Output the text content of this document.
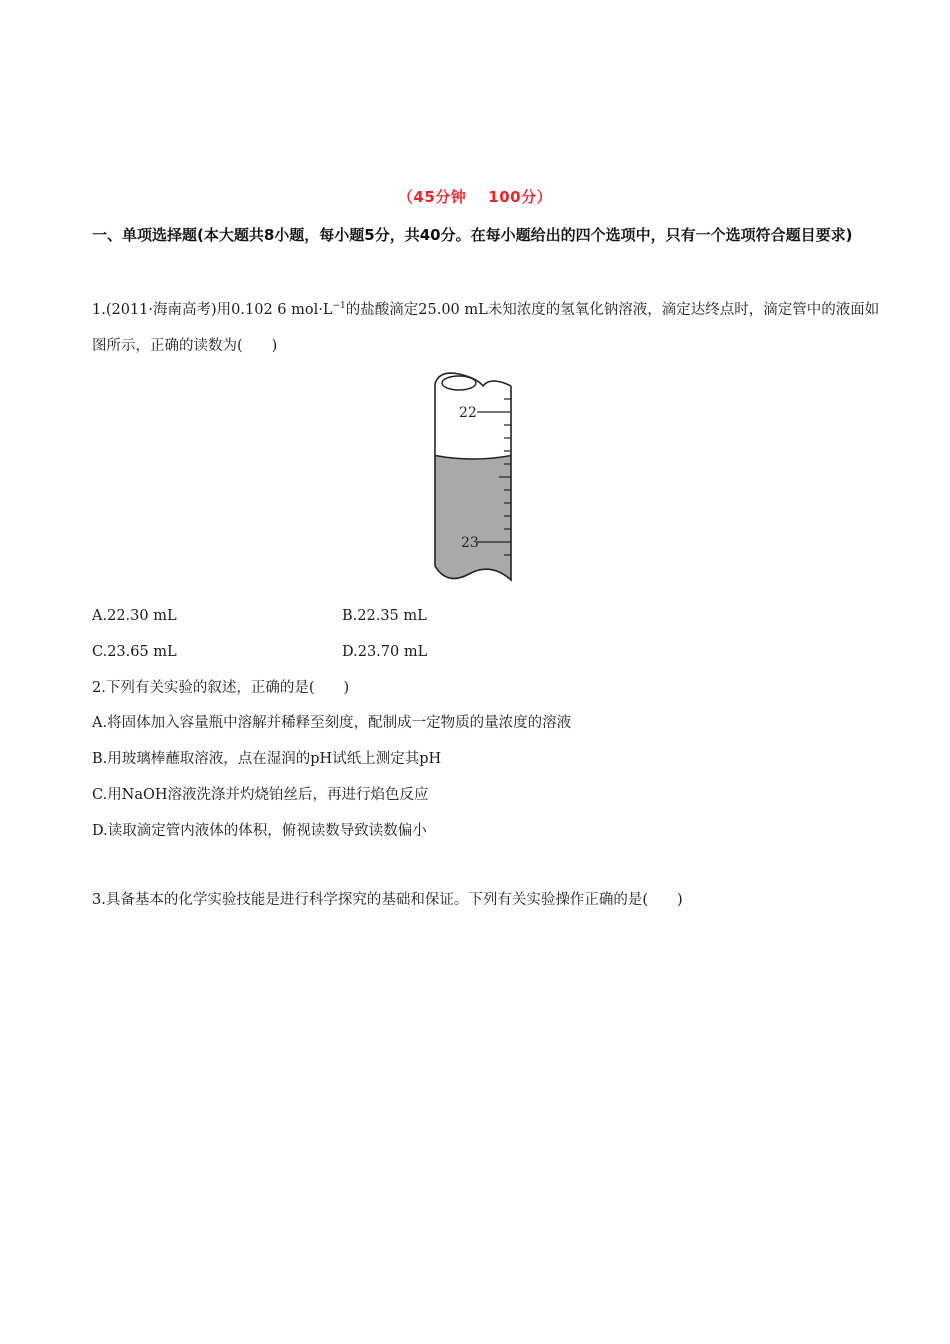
（45分钟 100分）
一、单项选择题(本大题共8小题，每小题5分，共40分。在每小题给出的四个选项中，只有一个选项符合题目要求)
1.(2011·海南高考)用0.102 6 $mol\cdot L^{-1}$的盐酸滴定25.00 mL未知浓度的氢氧化钠溶液，滴定达终点时，滴定管中的液面如图所示，正确的读数为(　　)
22
23
A.22.30 mL	B.22.35 mL
C.23.65 mL	D.23.70 mL
2.下列有关实验的叙述，正确的是(　　)
A.将固体加入容量瓶中溶解并稀释至刻度，配制成一定物质的量浓度的溶液
B.用玻璃棒蘸取溶液，点在湿润的pH试纸上测定其pH
C.用NaOH溶液洗涤并灼烧铂丝后，再进行焰色反应
D.读取滴定管内液体的体积，俯视读数导致读数偏小
3.具备基本的化学实验技能是进行科学探究的基础和保证。下列有关实验操作正确的是(　　)
